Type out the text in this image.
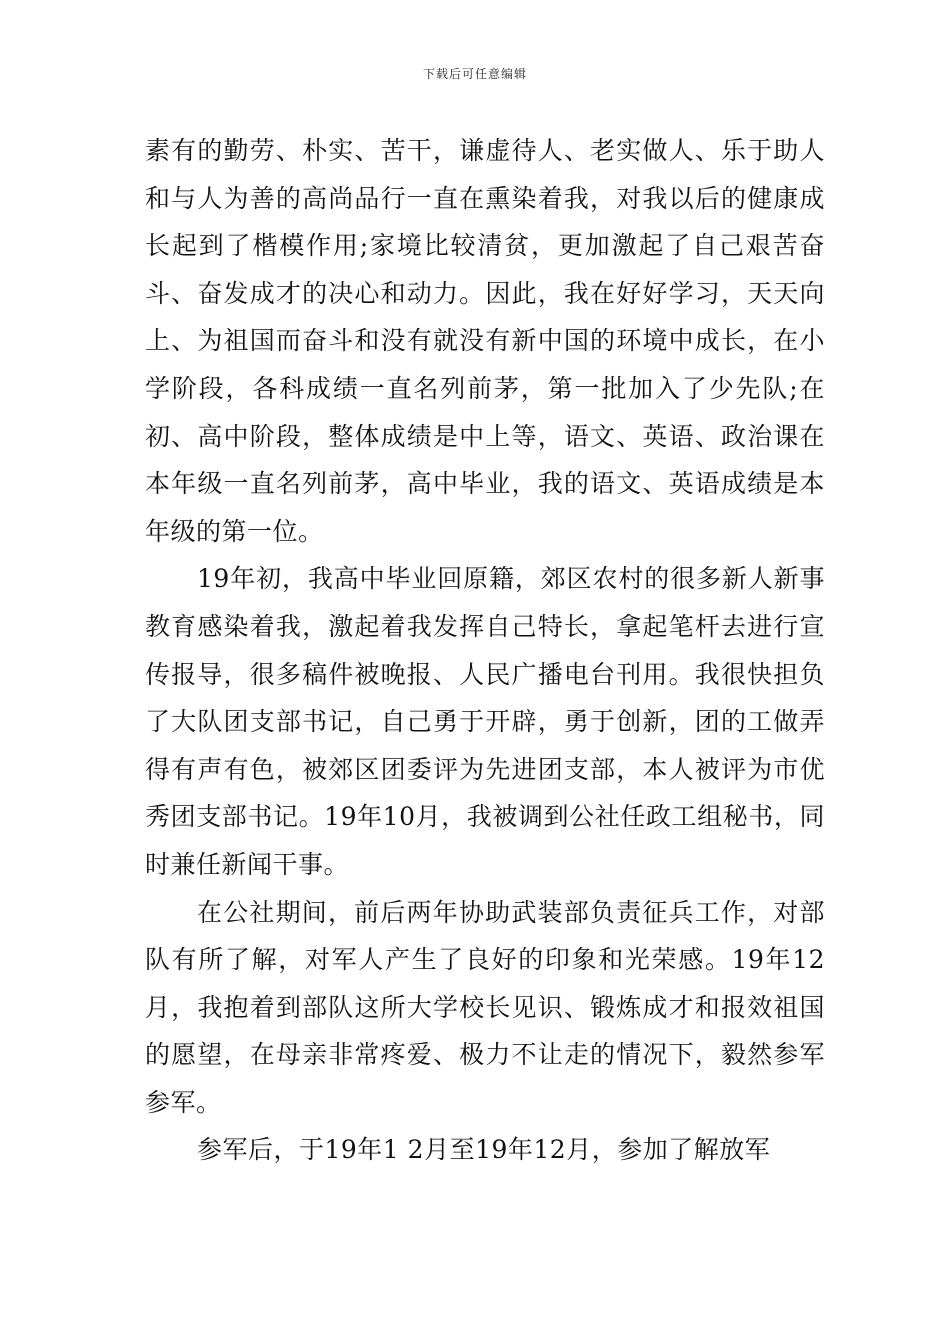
下载后可任意编辑

素有的勤劳、朴实、苦干，谦虚待人、老实做人、乐于助人和与人为善的高尚品行一直在熏染着我，对我以后的健康成长起到了楷模作用;家境比较清贫，更加激起了自己艰苦奋斗、奋发成才的决心和动力。因此，我在好好学习，天天向上、为祖国而奋斗和没有就没有新中国的环境中成长，在小学阶段，各科成绩一直名列前茅，第一批加入了少先队;在初、高中阶段，整体成绩是中上等，语文、英语、政治课在本年级一直名列前茅，高中毕业，我的语文、英语成绩是本年级的第一位。

19年初，我高中毕业回原籍，郊区农村的很多新人新事教育感染着我，激起着我发挥自己特长，拿起笔杆去进行宣传报导，很多稿件被晚报、人民广播电台刊用。我很快担负了大队团支部书记，自己勇于开辟，勇于创新，团的工做弄得有声有色，被郊区团委评为先进团支部，本人被评为市优秀团支部书记。19年10月，我被调到公社任政工组秘书，同时兼任新闻干事。

在公社期间，前后两年协助武装部负责征兵工作，对部队有所了解，对军人产生了良好的印象和光荣感。19年12月，我抱着到部队这所大学校长见识、锻炼成才和报效祖国的愿望，在母亲非常疼爱、极力不让走的情况下，毅然参军参军。

参军后，于19年1 2月至19年12月，参加了解放军
